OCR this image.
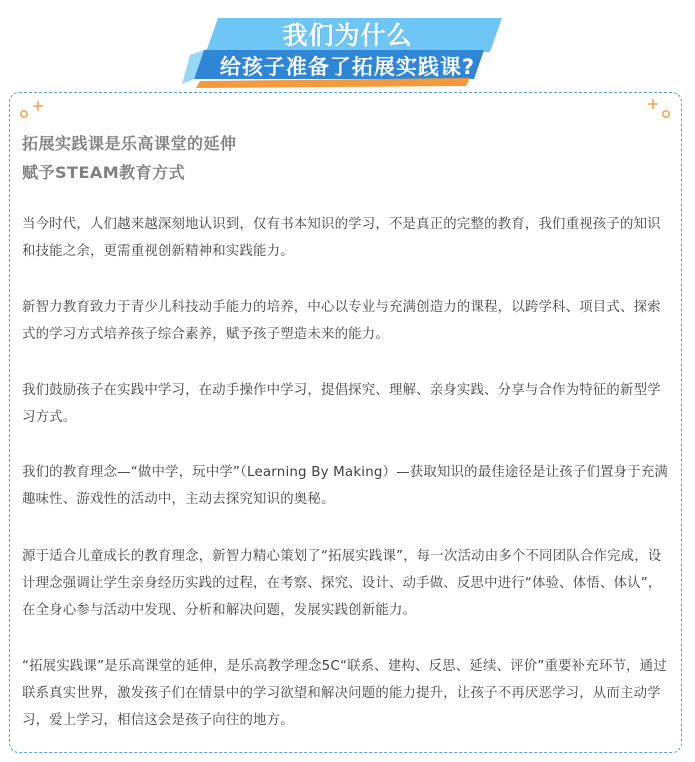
我们为什么
给孩子准备了拓展实践课?
拓展实践课是乐高课堂的延伸
赋予STEAM教育方式
当今时代，人们越来越深刻地认识到，仅有书本知识的学习，不是真正的完整的教育，我们重视孩子的知识和技能之余，更需重视创新精神和实践能力。
新智力教育致力于青少儿科技动手能力的培养，中心以专业与充满创造力的课程，以跨学科、项目式、探索式的学习方式培养孩子综合素养，赋予孩子塑造未来的能力。
我们鼓励孩子在实践中学习，在动手操作中学习，提倡探究、理解、亲身实践、分享与合作为特征的新型学习方式。
我们的教育理念—“做中学，玩中学”（Learning By Making）—获取知识的最佳途径是让孩子们置身于充满趣味性、游戏性的活动中，主动去探究知识的奥秘。
源于适合儿童成长的教育理念，新智力精心策划了“拓展实践课”，每一次活动由多个不同团队合作完成，设计理念强调让学生亲身经历实践的过程，在考察、探究、设计、动手做、反思中进行“体验、体悟、体认”，在全身心参与活动中发现、分析和解决问题，发展实践创新能力。
“拓展实践课”是乐高课堂的延伸，是乐高教学理念5C“联系、建构、反思、延续、评价”重要补充环节，通过联系真实世界，激发孩子们在情景中的学习欲望和解决问题的能力提升，让孩子不再厌恶学习，从而主动学习，爱上学习，相信这会是孩子向往的地方。
